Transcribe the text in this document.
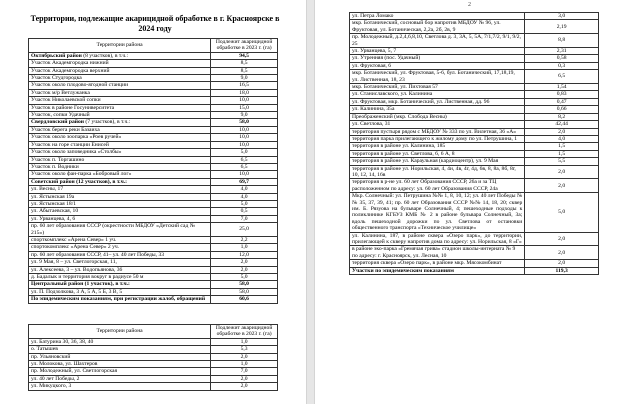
Территории, подлежащие акарицидной обработке в г. Красноярске в 2024 году
Территории района	Подлежит акарицидной обработке в 2023 г. (га)
Октябрьский район (8 участков), в т.ч.:	94,5
Участок Академгородка нижний	8,5
Участок Академгородка верхний	8,5
Участок Студгородка	9,0
Участок около плодово-ягодной станции	16,5
Участок м/р Ветлужанка	18,0
Участок Николаевской сопки	10,0
Участок в районе Госуниверситета	15,0
Участок, сопки Удачный	9,0
Свердловский район (7 участков), в т.ч.:	58,0
Участок берега реки Базаиха	10,0
Участок около зоопарка «Роев ручей»	10,0
Участок на горе станции Енисей	10,0
Участок около заповедника «Столбы»	5,0
Участок п. Торгашино	6,5
Участок п. Водники	6,5
Участок около фан-парка «Бобровый лог»	10,0
Советский район (12 участков), в т.ч.:	69,7
ул. Весны, 17	4,0
ул. Ястынская 19а	4,0
ул. Ястынская 18/1	5,0
ул. Абытаевская, 10	0,5
ул. Урванцева, 4, 6	7,0
пр. 60 лет образования СССР (окрестности МБДОУ «Детский сад № 215»)	25,0
спорткомплекс «Арена Север» 1 уч.	2,2
спортокомплекс «Арена Север» 2 уч.	1,0
пр. 60 лет образования СССР, 41– ул. 40 лет Победы, 33	12,0
ул. 9 Мая, 8 – ул. Светлогорская, 11,	2,0
ул. Алексеева, 3 – ул. Водопьянова, 36	2,0
д. Бадалык и территория вокруг в радиусе 50 м	5,0
Центральный район (1 участок), в т.ч.:	58,0
ул. П. Подзолкова, 3 А, 5 А, 5 Б, 3 В, 5	58,0
По эпидемическим показаниям, при регистрации жалоб, обращений	60,6
Территории района	Подлежит акарицидной обработке в 2023 г. (га)
ул. Батурина 30, 36, 38, 40	1,0
о. Татышев	5,3
пр. Ульяновский	2,0
ул. Молокова, ул. Шахтеров	1,0
пр. Молодежный, ул. Светлогорская	7,0
ул. 40 лет Победы, 2	2,0
ул. Микуцкого, 3	2,0
2
ул. Петра Ломако	3,0
мкр. Ботанический, сосновый бор напротив МБДОУ № 96, ул. Фруктовая, ул. Ботаническая, 2,2а, 2б, 2в, 9	2,19
пр. Молодежный, д.2,4,6,8,10, Светлова д. 3, 3А, 5, 5А, 7/1,7/2, 9/1, 9/2, 25	8,8
ул. Урванцева, 5, 7	2,31
ул. Утренняя (пос. Удачный)	0,58
ул. Фруктовая, 6	0,3
мкр. Ботанический, ул. Фруктовая, 5-6, бул. Ботанический, 17,18,19, ул. Лиственная, 18, 23	6,5
мкр. Ботанический, ул. Пихтовая 57	1,54
ул. Станиславского, ул. Калинина	0,83
ул. Фруктовая, мкр. Ботанический, ул. Лиственная, дд. 96	0,47
ул. Калинина, 35а	0,66
Преображенский (мкр. Слобода Весны)	8,2
ул. Светлова, 31	42,44
территория пустыря рядом с МБДОУ № 333 по ул. Вилетная, 36 «А»	2,0
территория парка прилегающего к жилому дому по ул. Петрушина, 1	4,0
территория в районе ул. Калинина, 185	1,5
территория в районе ул. Светлова, 6, 6 А, 8	1,5
территория в районе ул. Караульная (кардиоцентр), ул. 9 Мая	5,5
территория в районе ул. Норильская, 4, 4и, 4в, 4г, 4д, 6в, 8, 8а, 8б, 8г, 10, 12, 14, 16в	2,0
территория в р-не ул. 60 лет Образования СССР, 26а и за ТЦ расположенном по адресу: ул. 60 лет Образования СССР, 24а	2,0
Мкр. Солнечный: ул. Петрушина №№ 1, 8, 10, 12; ул. 40 лет Победы №№ 35, 37, 39, 41; пр. 60 лет Образования СССР №№ 14, 18, 20; сквер им. Б. Рязуова на бульваре Солнечный, 4; пешеходные подходы к поликлинике КГБУЗ КМБ № 2 в районе бульвара Солнечный, 3а; вдоль пешеходной дорожки по ул. Светлова от остановки общественного транспорта «Техническое училище»	5,0
ул. Калинина, 187, в районе сквера «Озеро парк», до территории, прилегающей к скверу напротив дома по адресу: ул. Норильская, 8 «Г»	2,0
в районе эко-парка «Гремячая грива» стадион школы-интерната № 9 по адресу: г. Красноярск, ул. Лесная, 10	2,0
территория сквера «Озеро парк», в районе мкр. Мясокомбинат	2,0
Участки по эпидемическим показаниям	119,3
